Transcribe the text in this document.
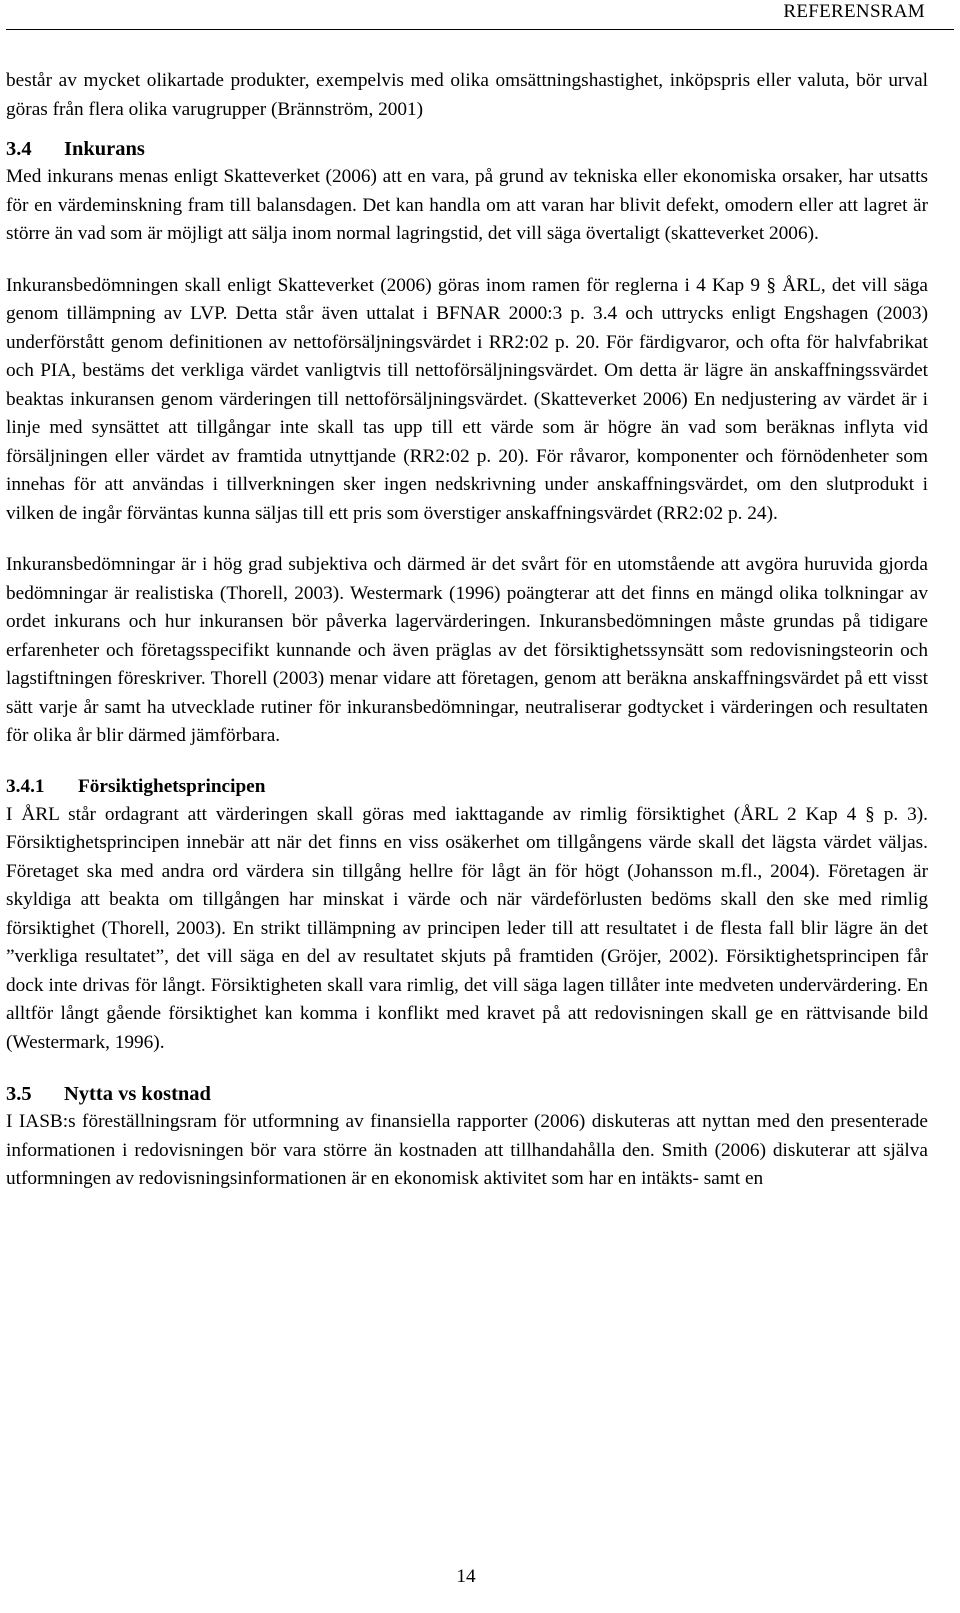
REFERENSRAM

består av mycket olikartade produkter, exempelvis med olika omsättningshastighet, inköpspris eller valuta, bör urval göras från flera olika varugrupper (Brännström, 2001)

3.4 Inkurans

Med inkurans menas enligt Skatteverket (2006) att en vara, på grund av tekniska eller ekonomiska orsaker, har utsatts för en värdeminskning fram till balansdagen. Det kan handla om att varan har blivit defekt, omodern eller att lagret är större än vad som är möjligt att sälja inom normal lagringstid, det vill säga övertaligt (skatteverket 2006).

Inkuransbedömningen skall enligt Skatteverket (2006) göras inom ramen för reglerna i 4 Kap 9 § ÅRL, det vill säga genom tillämpning av LVP. Detta står även uttalat i BFNAR 2000:3 p. 3.4 och uttrycks enligt Engshagen (2003) underförstått genom definitionen av nettoförsäljningsvärdet i RR2:02 p. 20. För färdigvaror, och ofta för halvfabrikat och PIA, bestäms det verkliga värdet vanligtvis till nettoförsäljningsvärdet. Om detta är lägre än anskaffningssvärdet beaktas inkuransen genom värderingen till nettoförsäljningsvärdet. (Skatteverket 2006) En nedjustering av värdet är i linje med synsättet att tillgångar inte skall tas upp till ett värde som är högre än vad som beräknas inflyta vid försäljningen eller värdet av framtida utnyttjande (RR2:02 p. 20). För råvaror, komponenter och förnödenheter som innehas för att användas i tillverkningen sker ingen nedskrivning under anskaffningsvärdet, om den slutprodukt i vilken de ingår förväntas kunna säljas till ett pris som överstiger anskaffningsvärdet (RR2:02 p. 24).

Inkuransbedömningar är i hög grad subjektiva och därmed är det svårt för en utomstående att avgöra huruvida gjorda bedömningar är realistiska (Thorell, 2003). Westermark (1996) poängterar att det finns en mängd olika tolkningar av ordet inkurans och hur inkuransen bör påverka lagervärderingen. Inkuransbedömningen måste grundas på tidigare erfarenheter och företagsspecifikt kunnande och även präglas av det försiktighetssynsätt som redovisningsteorin och lagstiftningen föreskriver. Thorell (2003) menar vidare att företagen, genom att beräkna anskaffningsvärdet på ett visst sätt varje år samt ha utvecklade rutiner för inkuransbedömningar, neutraliserar godtycket i värderingen och resultaten för olika år blir därmed jämförbara.

3.4.1 Försiktighetsprincipen

I ÅRL står ordagrant att värderingen skall göras med iakttagande av rimlig försiktighet (ÅRL 2 Kap 4 § p. 3). Försiktighetsprincipen innebär att när det finns en viss osäkerhet om tillgångens värde skall det lägsta värdet väljas. Företaget ska med andra ord värdera sin tillgång hellre för lågt än för högt (Johansson m.fl., 2004). Företagen är skyldiga att beakta om tillgången har minskat i värde och när värdeförlusten bedöms skall den ske med rimlig försiktighet (Thorell, 2003). En strikt tillämpning av principen leder till att resultatet i de flesta fall blir lägre än det ”verkliga resultatet”, det vill säga en del av resultatet skjuts på framtiden (Gröjer, 2002). Försiktighetsprincipen får dock inte drivas för långt. Försiktigheten skall vara rimlig, det vill säga lagen tillåter inte medveten undervärdering. En alltför långt gående försiktighet kan komma i konflikt med kravet på att redovisningen skall ge en rättvisande bild (Westermark, 1996).

3.5 Nytta vs kostnad

I IASB:s föreställningsram för utformning av finansiella rapporter (2006) diskuteras att nyttan med den presenterade informationen i redovisningen bör vara större än kostnaden att tillhandahålla den. Smith (2006) diskuterar att själva utformningen av redovisningsinformationen är en ekonomisk aktivitet som har en intäkts- samt en

14
